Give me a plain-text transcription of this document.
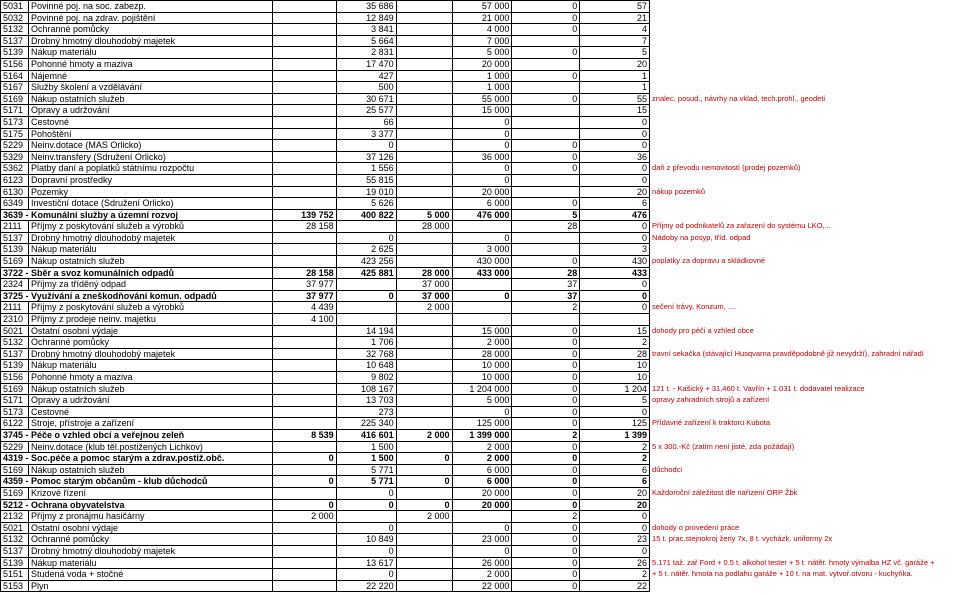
5031	Povinné poj. na soc. zabezp.		35 686		57 000	0	57	
5032	Povinné poj. na zdrav. pojištění		12 849		21 000	0	21	
5132	Ochranné pomůcky		3 841		4 000	0	4	
5137	Drobný hmotný dlouhodobý majetek		5 664		7 000		7	
5139	Nákup materiálu		2 831		5 000	0	5	
5156	Pohonné hmoty a maziva		17 470		20 000		20	
5164	Nájemné		427		1 000	0	1	
5167	Služby školení a vzdělávání		500		1 000		1	
5169	Nákup ostatních služeb		30 671		55 000	0	55	znalec. posud., návrhy na vklad, tech.prohl., geodeti
5171	Opravy a udržování		25 577		15 000		15	
5173	Cestovné		66		0		0	
5175	Pohoštění		3 377		0		0	
5229	Neinv.dotace (MAS Orlicko)		0		0	0	0	
5329	Neinv.transfery (Sdružení Orlicko)		37 126		36 000	0	36	
5362	Platby daní a poplatků státnímu rozpočtu		1 556		0	0	0	daň z převodu nemovitostí (prodej pozemků)
6123	Dopravní prostředky		55 815		0		0	
6130	Pozemky		19 010		20 000		20	nákup pozemků
6349	Investiční dotace (Sdružení Orlicko)		5 626		6 000	0	6	
3639 - Komunální služby a územní rozvoj		139 752	400 822	5 000	476 000	5	476	
2111	Příjmy z poskytování služeb a výrobků	28 158		28 000		28	0	Příjmy od podnikatelů za zařazení do systému LKO,...
5137	Drobný hmotný dlouhodobý majetek		0		0		0	Nádoby na posyp, tříd. odpad
5139	Nákup materiálu		2 625		3 000		3	
5169	Nákup ostatních služeb		423 256		430 000	0	430	poplatky za dopravu a skládkovné
3722 - Sběr a svoz komunálních odpadů		28 158	425 881	28 000	433 000	28	433	
2324	Příjmy za tříděný odpad	37 977		37 000		37	0	
3725 - Využívání a zneškodňování komun. odpadů		37 977	0	37 000	0	37	0	
2111	Příjmy z poskytování služeb a výrobků	4 439		2 000		2	0	sečení trávy, Konzum, ....
2310	Příjmy z prodeje neinv. majetku	4 100						
5021	Ostatní osobní výdaje		14 194		15 000	0	15	dohody pro péči a vzhled obce
5132	Ochranné pomůcky		1 706		2 000	0	2	
5137	Drobný hmotný dlouhodobý majetek		32 768		28 000	0	28	travní sekačka (stávající Husqvarna pravděpodobně již nevydrží), zahradní nářadí
5139	Nákup materiálu		10 648		10 000	0	10	
5156	Pohonné hmoty a maziva		9 802		10 000	0	10	
5169	Nákup ostatních služeb		108 167		1 204 000	0	1 204	121 t. - Kašický + 31,460 t. Vavřín + 1.031 t. dodavatel realizace
5171	Opravy a udržování		13 703		5 000	0	5	opravy zahradních strojů a zařízení
5173	Cestovné		273		0	0	0	
6122	Stroje, přístroje a zařízení		225 340		125 000	0	125	Přídavné zařízení k traktoru Kubota
3745 - Péče o vzhled obcí a veřejnou zeleň		8 539	416 601	2 000	1 399 000	2	1 399	
5229	Neinv.dotace (klub těl.postižených Lichkov)		1 500		2 000	0	2	5 x 300.-Kč (zatím není jisté, zda požádají)
4319 - Soc.péče a pomoc starým a zdrav.postiž.obč.		0	1 500	0	2 000	0	2	
5169	Nákup ostatních služeb		5 771		6 000	0	6	důchodci
4359 - Pomoc starým občanům - klub důchodců		0	5 771	0	6 000	0	6	
5169	Krizové řízení		0		20 000	0	20	Každoroční záležitost dle nařízení ORP Žbk
5212 - Ochrana obyvatelstva		0	0	0	20 000	0	20	
2132	Příjmy z pronájmu hasičárny	2 000		2 000		2	0	
5021	Ostatní osobní výdaje		0		0	0	0	dohody o provedení práce
5132	Ochranné pomůcky		10 849		23 000	0	23	15 t. prac.stejnokroj ženy 7x, 8 t. vycházk. uniformy 2x
5137	Drobný hmotný dlouhodobý majetek		0		0	0	0	
5139	Nákup materiálu		13 617		26 000	0	26	5.171 taž. zař Ford + 0.5 t. alkohol tester + 5 t. nátěr. hmoty výmalba HZ vč. garáže +
5151	Studená voda + stočné		0		2 000	0	2	+ 5 t. nátěr. hmota na podlahu garáže + 10 t. na mat. vytvoř.otvoru - kuchyňka.
5153	Plyn		22 220		22 000	0	22	
